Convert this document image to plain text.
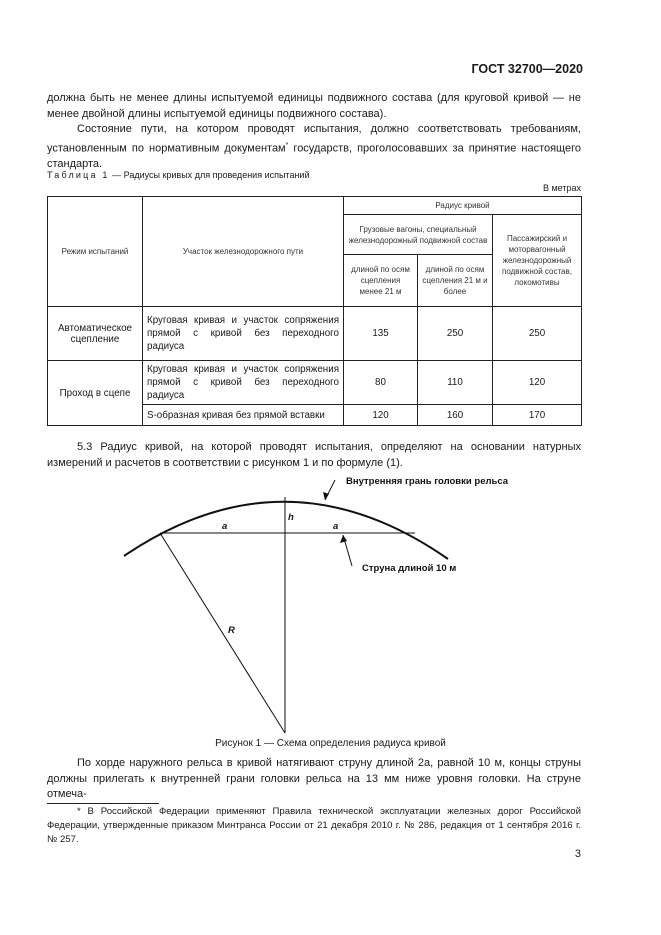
ГОСТ 32700—2020
должна быть не менее длины испытуемой единицы подвижного состава (для круговой кривой — не менее двойной длины испытуемой единицы подвижного состава).
Состояние пути, на котором проводят испытания, должно соответствовать требованиям, установленным по нормативным документам* государств, проголосовавших за принятие настоящего стандарта.
Таблица 1 — Радиусы кривых для проведения испытаний
В метрах
Режим испытаний	Участок железнодорожного пути	Радиус кривой		
		Грузовые вагоны, специальный железнодорожный подвижной состав		Пассажирский и моторвагонный железнодорожный подвижной состав, локомотивы
		длиной по осям сцепления менее 21 м	длиной по осям сцепления 21 м и более	
Автоматическое сцепление	Круговая кривая и участок сопряжения прямой с кривой без переходного радиуса	135	250	250
Проход в сцепе	Круговая кривая и участок сопряжения прямой с кривой без переходного радиуса	80	110	120
	S-образная кривая без прямой вставки	120	160	170
5.3 Радиус кривой, на которой проводят испытания, определяют на основании натурных измерений и расчетов в соответствии с рисунком 1 и по формуле (1).
Внутренняя грань головки рельса
Струна длиной 10 м
h
a	a
R
Рисунок 1 — Схема определения радиуса кривой
По хорде наружного рельса в кривой натягивают струну длиной 2а, равной 10 м, концы струны должны прилегать к внутренней грани головки рельса на 13 мм ниже уровня головки. На струне отмеча-
* В Российской Федерации применяют Правила технической эксплуатации железных дорог Российской Федерации, утвержденные приказом Минтранса России от 21 декабря 2010 г. № 286, редакция от 1 сентября 2016 г. № 257.
3
